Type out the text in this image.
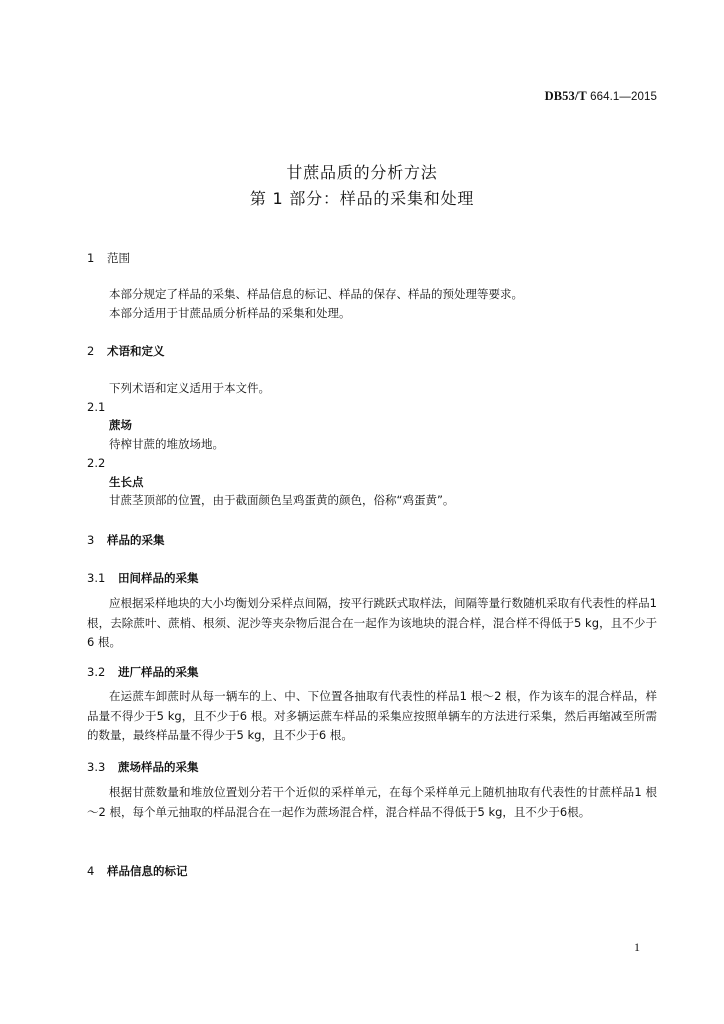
DB53/T 664.1—2015
甘蔗品质的分析方法
第 1 部分：样品的采集和处理
1 范围
本部分规定了样品的采集、样品信息的标记、样品的保存、样品的预处理等要求。
本部分适用于甘蔗品质分析样品的采集和处理。
2 术语和定义
下列术语和定义适用于本文件。
2.1
蔗场
待榨甘蔗的堆放场地。
2.2
生长点
甘蔗茎顶部的位置，由于截面颜色呈鸡蛋黄的颜色，俗称“鸡蛋黄”。
3 样品的采集
3.1 田间样品的采集
应根据采样地块的大小均衡划分采样点间隔，按平行跳跃式取样法，间隔等量行数随机采取有代表性的样品1根，去除蔗叶、蔗梢、根须、泥沙等夹杂物后混合在一起作为该地块的混合样，混合样不得低于5 kg，且不少于6 根。
3.2 进厂样品的采集
在运蔗车卸蔗时从每一辆车的上、中、下位置各抽取有代表性的样品1 根～2 根，作为该车的混合样品，样品量不得少于5 kg，且不少于6 根。对多辆运蔗车样品的采集应按照单辆车的方法进行采集，然后再缩减至所需的数量，最终样品量不得少于5 kg，且不少于6 根。
3.3 蔗场样品的采集
根据甘蔗数量和堆放位置划分若干个近似的采样单元，在每个采样单元上随机抽取有代表性的甘蔗样品1 根～2 根，每个单元抽取的样品混合在一起作为蔗场混合样，混合样品不得低于5 kg，且不少于6根。
4 样品信息的标记
1
